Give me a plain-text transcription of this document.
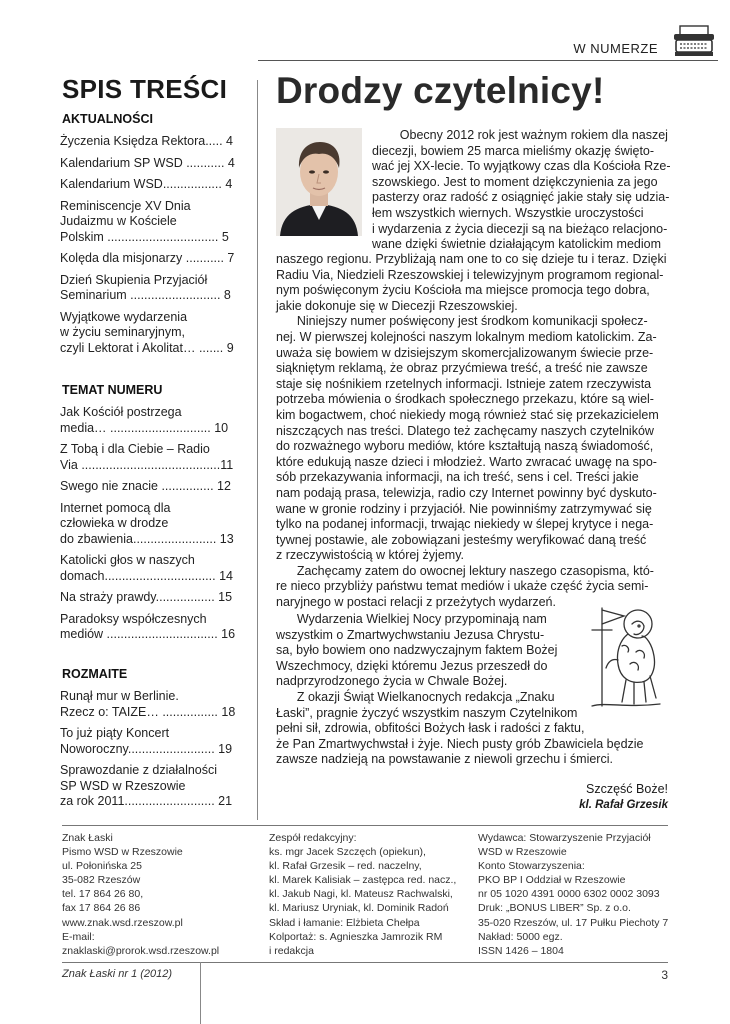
W NUMERZE
SPIS TREŚCI
AKTUALNOŚCI
Życzenia Księdza Rektora..... 4
Kalendarium SP WSD ........... 4
Kalendarium WSD................. 4
Reminiscencje XV Dnia
Judaizmu w Kościele
Polskim ................................ 5
Kolęda dla misjonarzy ........... 7
Dzień Skupienia Przyjaciół
Seminarium .......................... 8
Wyjątkowe wydarzenia
w życiu seminaryjnym,
czyli Lektorat i Akolitat… ....... 9
TEMAT NUMERU
Jak Kościół postrzega
media… ............................. 10
Z Tobą i dla Ciebie – Radio
Via ........................................11
Swego nie znacie ............... 12
Internet pomocą dla
człowieka w drodze
do zbawienia........................ 13
Katolicki głos w naszych
domach................................ 14
Na straży prawdy................. 15
Paradoksy współczesnych
mediów ................................ 16
ROZMAITE
Runął mur w Berlinie.
Rzecz o: TAIZE… ................ 18
To już piąty Koncert
Noworoczny......................... 19
Sprawozdanie z działalności
SP WSD w Rzeszowie
za rok 2011.......................... 21
Drodzy czytelnicy!
Obecny 2012 rok jest ważnym rokiem dla naszej
diecezji, bowiem 25 marca mieliśmy okazję święto-
wać jej XX-lecie. To wyjątkowy czas dla Kościoła Rze-
szowskiego. Jest to moment dziękczynienia za jego
pasterzy oraz radość z osiągnięć jakie stały się udzia-
łem wszystkich wiernych. Wszystkie uroczystości
i wydarzenia z życia diecezji są na bieżąco relacjono-
wane dzięki świetnie działającym katolickim mediom
naszego regionu. Przybliżają nam one to co się dzieje tu i teraz. Dzięki
Radiu Via, Niedzieli Rzeszowskiej i telewizyjnym programom regional-
nym poświęconym życiu Kościoła ma miejsce promocja tego dobra,
jakie dokonuje się w Diecezji Rzeszowskiej.
Niniejszy numer poświęcony jest środkom komunikacji społecz-
nej. W pierwszej kolejności naszym lokalnym mediom katolickim. Za-
uważa się bowiem w dzisiejszym skomercjalizowanym świecie prze-
siąkniętym reklamą, że obraz przyćmiewa treść, a treść nie zawsze
staje się nośnikiem rzetelnych informacji. Istnieje zatem rzeczywista
potrzeba mówienia o środkach społecznego przekazu, które są wiel-
kim bogactwem, choć niekiedy mogą również stać się przekazicielem
niszczących nas treści. Dlatego też zachęcamy naszych czytelników
do rozważnego wyboru mediów, które kształtują naszą świadomość,
które edukują nasze dzieci i młodzież. Warto zwracać uwagę na spo-
sób przekazywania informacji, na ich treść, sens i cel. Treści jakie
nam podają prasa, telewizja, radio czy Internet powinny być dyskuto-
wane w gronie rodziny i przyjaciół. Nie powinniśmy zatrzymywać się
tylko na podanej informacji, trwając niekiedy w ślepej krytyce i nega-
tywnej postawie, ale zobowiązani jesteśmy weryfikować daną treść
z rzeczywistością w której żyjemy.
Zachęcamy zatem do owocnej lektury naszego czasopisma, któ-
re nieco przybliży państwu temat mediów i ukaże część życia semi-
naryjnego w postaci relacji z przeżytych wydarzeń.
Wydarzenia Wielkiej Nocy przypominają nam
wszystkim o Zmartwychwstaniu Jezusa Chrystu-
sa, było bowiem ono nadzwyczajnym faktem Bożej
Wszechmocy, dzięki któremu Jezus przeszedł do
nadprzyrodzonego życia w Chwale Bożej.
Z okazji Świąt Wielkanocnych redakcja „Znaku
Łaski”, pragnie życzyć wszystkim naszym Czytelnikom
pełni sił, zdrowia, obfitości Bożych łask i radości z faktu,
że Pan Zmartwychwstał i żyje. Niech pusty grób Zbawiciela będzie
zawsze nadzieją na powstawanie z niewoli grzechu i śmierci.
Szczęść Boże!
kl. Rafał Grzesik
Znak Łaski
Pismo WSD w Rzeszowie
ul. Połonińska 25
35-082 Rzeszów
tel. 17 864 26 80,
fax 17 864 26 86
www.znak.wsd.rzeszow.pl
E-mail:
znaklaski@prorok.wsd.rzeszow.pl
Zespół redakcyjny:
ks. mgr Jacek Szczęch (opiekun),
kl. Rafał Grzesik – red. naczelny,
kl. Marek Kalisiak – zastępca red. nacz.,
kl. Jakub Nagi, kl. Mateusz Rachwalski,
kl. Mariusz Uryniak, kl. Dominik Radoń
Skład i łamanie: Elżbieta Chełpa
Kolportaż: s. Agnieszka Jamrozik RM
i redakcja
Wydawca: Stowarzyszenie Przyjaciół
WSD w Rzeszowie
Konto Stowarzyszenia:
PKO BP I Oddział w Rzeszowie
nr 05 1020 4391 0000 6302 0002 3093
Druk: „BONUS LIBER” Sp. z o.o.
35-020 Rzeszów, ul. 17 Pułku Piechoty 7
Nakład: 5000 egz.
ISSN 1426 – 1804
Znak Łaski nr 1 (2012)	3
